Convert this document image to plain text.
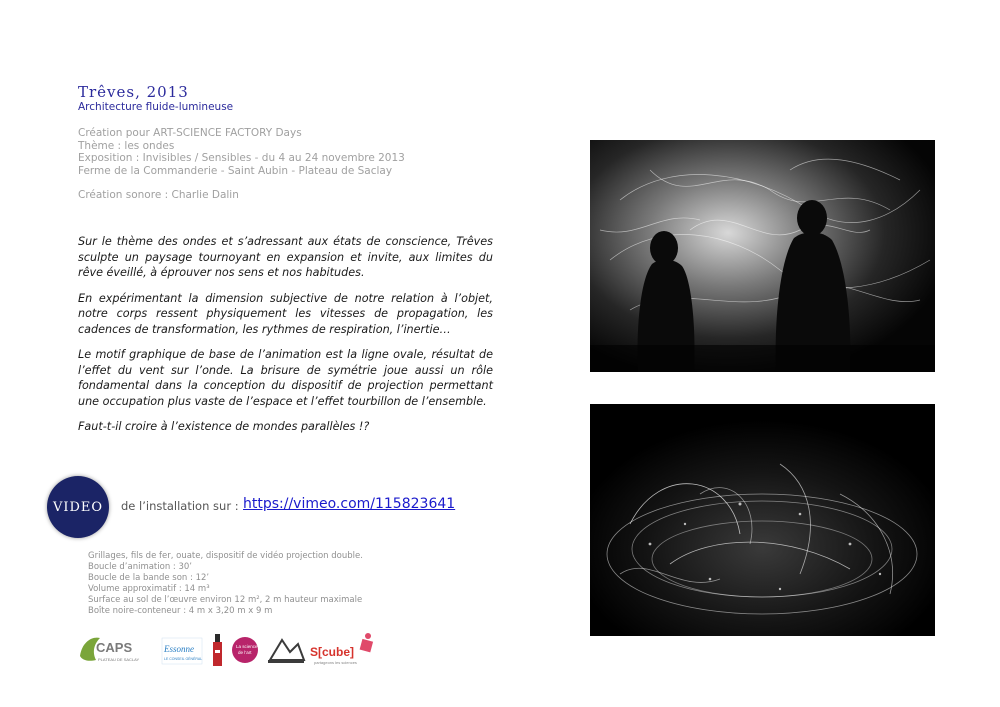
Trêves, 2013
Architecture fluide-lumineuse
Création pour ART-SCIENCE FACTORY Days
Thème : les ondes
Exposition : Invisibles / Sensibles - du 4 au 24 novembre 2013
Ferme de la Commanderie - Saint Aubin - Plateau de Saclay
Création sonore : Charlie Dalin

Sur le thème des ondes et s’adressant aux états de conscience, Trêves sculpte un paysage tournoyant en expansion et invite, aux limites du rêve éveillé, à éprouver nos sens et nos habitudes.

En expérimentant la dimension subjective de notre relation à l’objet, notre corps ressent physiquement les vitesses de propagation, les cadences de transformation, les rythmes de respiration, l’inertie…

Le motif graphique de base de l’animation est la ligne ovale, résultat de l’effet du vent sur l’onde. La brisure de symétrie joue aussi un rôle fondamental dans la conception du dispositif de projection permettant une occupation plus vaste de l’espace et l’effet tourbillon de l’ensemble.

Faut-t-il croire à l’existence de mondes parallèles !?

VIDEO	de l’installation sur : https://vimeo.com/115823641
Grillages, fils de fer, ouate, dispositif de vidéo projection double.
Boucle d’animation : 30’
Boucle de la bande son : 12’
Volume approximatif : 14 m³
Surface au sol de l’œuvre environ 12 m², 2 m hauteur maximale
Boîte noire-conteneur : 4 m x 3,20 m x 9 m
CAPS
PLATEAU DE SACLAY
Essonne
LE CONSEIL GÉNÉRAL
La science
de l’art	S[cube]
partageons les sciences
